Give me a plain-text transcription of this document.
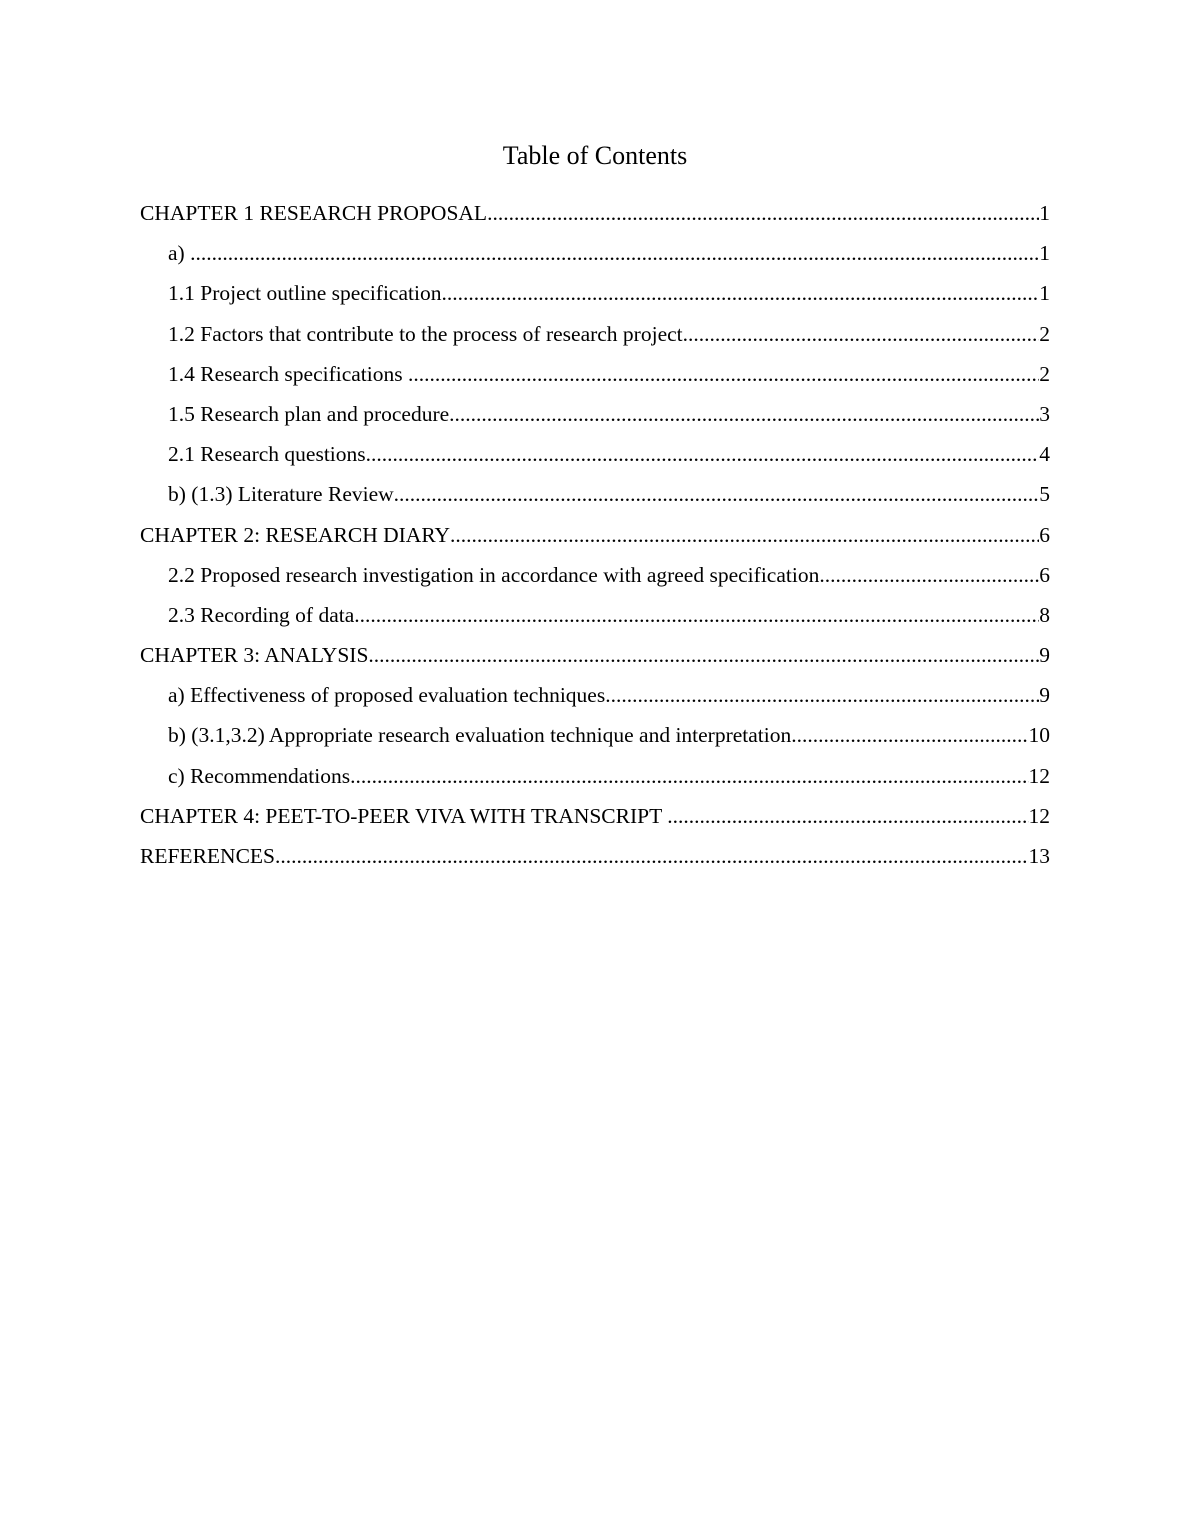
Table of Contents
CHAPTER 1 RESEARCH PROPOSAL .....	1
a) .....	1
1.1 Project outline specification .....	1
1.2 Factors that contribute to the process of research project .....	2
1.4 Research specifications .....	2
1.5 Research plan and procedure .....	3
2.1 Research questions .....	4
b) (1.3) Literature Review .....	5
CHAPTER 2: RESEARCH DIARY .....	6
2.2 Proposed research investigation in accordance with agreed specification .....	6
2.3 Recording of data .....	8
CHAPTER 3: ANALYSIS .....	9
a) Effectiveness of proposed evaluation techniques .....	9
b) (3.1,3.2) Appropriate research evaluation technique and interpretation .....	10
c) Recommendations .....	12
CHAPTER 4: PEET-TO-PEER VIVA WITH TRANSCRIPT .....	12
REFERENCES .....	13
